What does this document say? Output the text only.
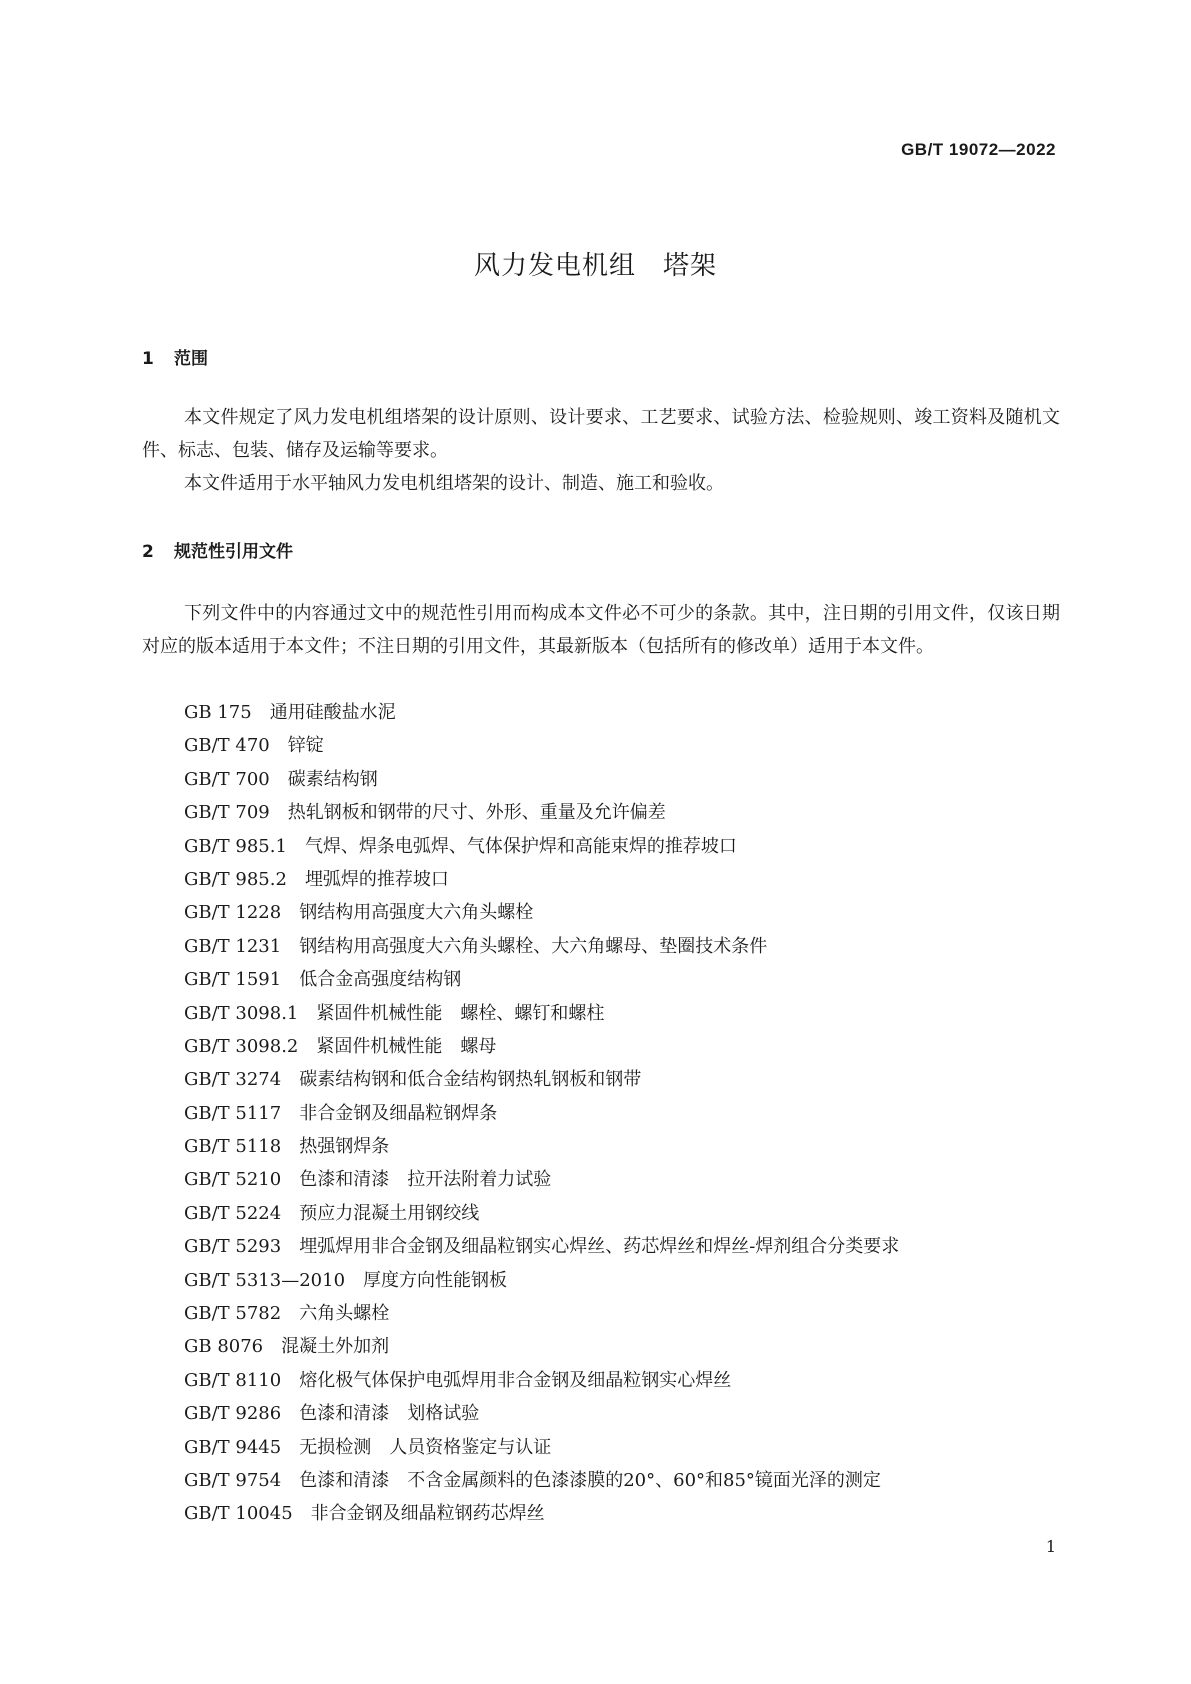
GB/T 19072—2022
风力发电机组　塔架
1 范围
本文件规定了风力发电机组塔架的设计原则、设计要求、工艺要求、试验方法、检验规则、竣工资料及随机文件、标志、包装、储存及运输等要求。
本文件适用于水平轴风力发电机组塔架的设计、制造、施工和验收。
2 规范性引用文件
下列文件中的内容通过文中的规范性引用而构成本文件必不可少的条款。其中，注日期的引用文件，仅该日期对应的版本适用于本文件；不注日期的引用文件，其最新版本（包括所有的修改单）适用于本文件。
GB 175 通用硅酸盐水泥
GB/T 470 锌锭
GB/T 700 碳素结构钢
GB/T 709 热轧钢板和钢带的尺寸、外形、重量及允许偏差
GB/T 985.1 气焊、焊条电弧焊、气体保护焊和高能束焊的推荐坡口
GB/T 985.2 埋弧焊的推荐坡口
GB/T 1228 钢结构用高强度大六角头螺栓
GB/T 1231 钢结构用高强度大六角头螺栓、大六角螺母、垫圈技术条件
GB/T 1591 低合金高强度结构钢
GB/T 3098.1 紧固件机械性能　螺栓、螺钉和螺柱
GB/T 3098.2 紧固件机械性能　螺母
GB/T 3274 碳素结构钢和低合金结构钢热轧钢板和钢带
GB/T 5117 非合金钢及细晶粒钢焊条
GB/T 5118 热强钢焊条
GB/T 5210 色漆和清漆　拉开法附着力试验
GB/T 5224 预应力混凝土用钢绞线
GB/T 5293 埋弧焊用非合金钢及细晶粒钢实心焊丝、药芯焊丝和焊丝-焊剂组合分类要求
GB/T 5313—2010 厚度方向性能钢板
GB/T 5782 六角头螺栓
GB 8076 混凝土外加剂
GB/T 8110 熔化极气体保护电弧焊用非合金钢及细晶粒钢实心焊丝
GB/T 9286 色漆和清漆　划格试验
GB/T 9445 无损检测　人员资格鉴定与认证
GB/T 9754 色漆和清漆　不含金属颜料的色漆漆膜的20°、60°和85°镜面光泽的测定
GB/T 10045 非合金钢及细晶粒钢药芯焊丝
1
